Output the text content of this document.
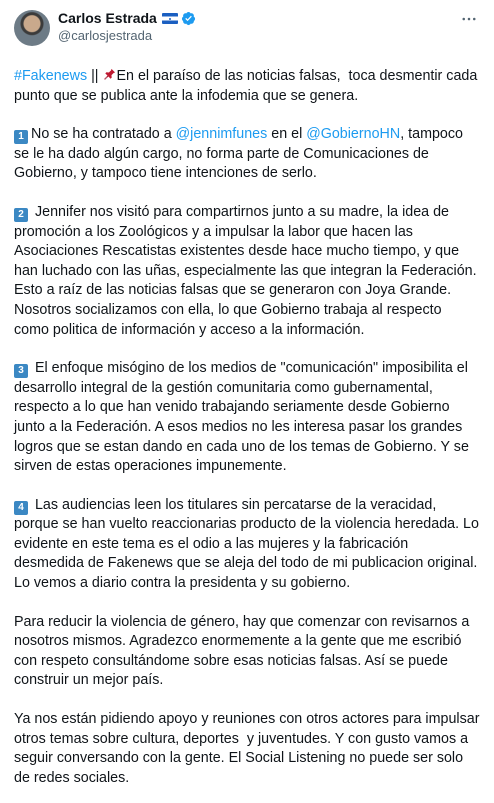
Carlos Estrada
@carlosjestrada

#Fakenews || En el paraíso de las noticias falsas,  toca desmentir cada punto que se publica ante la infodemia que se genera.

1 No se ha contratado a @jennimfunes en el @GobiernoHN, tampoco se le ha dado algún cargo, no forma parte de Comunicaciones de Gobierno, y tampoco tiene intenciones de serlo.

2 Jennifer nos visitó para compartirnos junto a su madre, la idea de promoción a los Zoológicos y a impulsar la labor que hacen las Asociaciones Rescatistas existentes desde hace mucho tiempo, y que han luchado con las uñas, especialmente las que integran la Federación. Esto a raíz de las noticias falsas que se generaron con Joya Grande. Nosotros socializamos con ella, lo que Gobierno trabaja al respecto como politica de información y acceso a la información.

3 El enfoque misógino de los medios de "comunicación" imposibilita el desarrollo integral de la gestión comunitaria como gubernamental, respecto a lo que han venido trabajando seriamente desde Gobierno junto a la Federación. A esos medios no les interesa pasar los grandes logros que se estan dando en cada uno de los temas de Gobierno. Y se sirven de estas operaciones impunemente.

4 Las audiencias leen los titulares sin percatarse de la veracidad, porque se han vuelto reaccionarias producto de la violencia heredada. Lo evidente en este tema es el odio a las mujeres y la fabricación desmedida de Fakenews que se aleja del todo de mi publicacion original. Lo vemos a diario contra la presidenta y su gobierno.

Para reducir la violencia de género, hay que comenzar con revisarnos a nosotros mismos. Agradezco enormemente a la gente que me escribió con respeto consultándome sobre esas noticias falsas. Así se puede construir un mejor país.

Ya nos están pidiendo apoyo y reuniones con otros actores para impulsar otros temas sobre cultura, deportes  y juventudes. Y con gusto vamos a seguir conversando con la gente. El Social Listening no puede ser solo de redes sociales.
